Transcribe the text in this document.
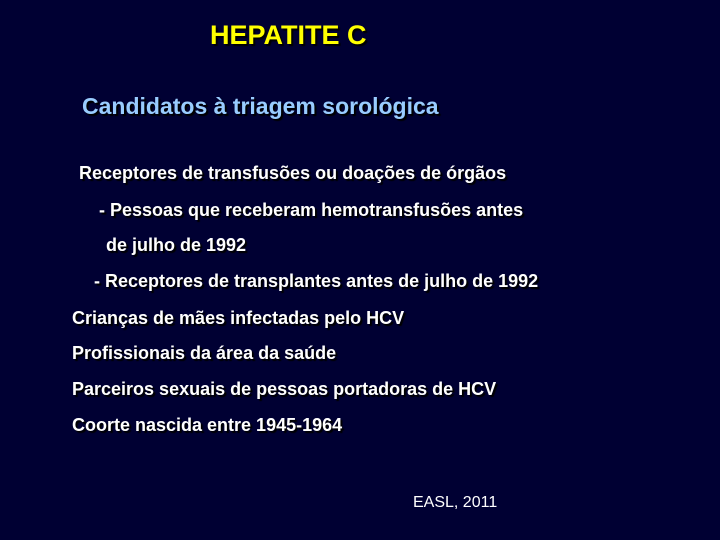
HEPATITE C
Candidatos à triagem sorológica
Receptores de transfusões ou doações de órgãos
- Pessoas que receberam hemotransfusões antes
de julho de 1992
- Receptores de transplantes antes de julho de 1992
Crianças de mães infectadas pelo HCV
Profissionais da área da saúde
Parceiros sexuais de pessoas portadoras de HCV
Coorte nascida entre 1945-1964
EASL, 2011
